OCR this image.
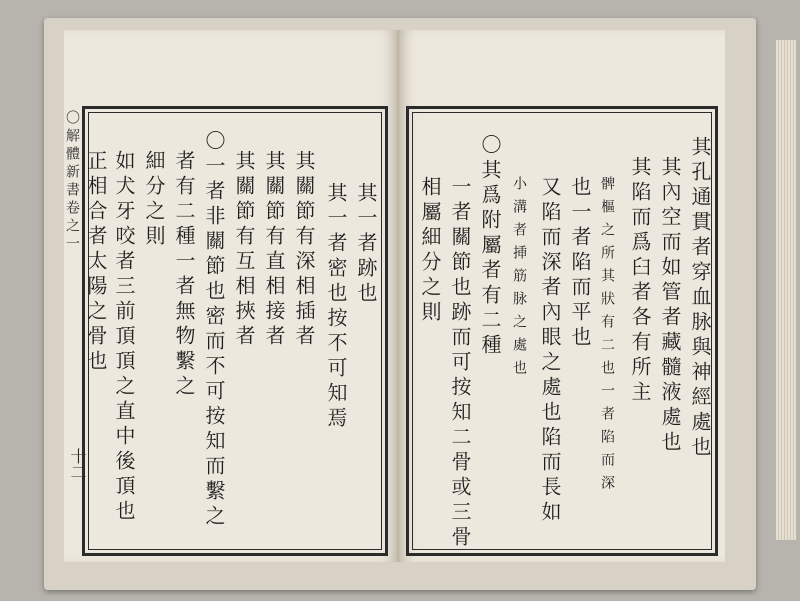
〇解體新書卷之一
十二
其一者跡也
其一者密也按不可知焉
其關節有深相插者
其關節有直相接者
其關節有互相挾者
〇一者非關節也密而不可按知而繫之
者有二種一者無物繫之
細分之則
如犬牙咬者三前頂頂之直中後頂也
正相合者太陽之骨也	其孔通貫者穿血脉與神經處也
其內空而如管者藏髓液處也
其陷而爲臼者各有所主
髀樞之所其狀有二也一者陷而深
也一者陷而平也
又陷而深者內眼之處也陷而長如
小溝者挿筋脉之處也
〇其爲附屬者有二種
一者關節也跡而可按知二骨或三骨
相屬細分之則
